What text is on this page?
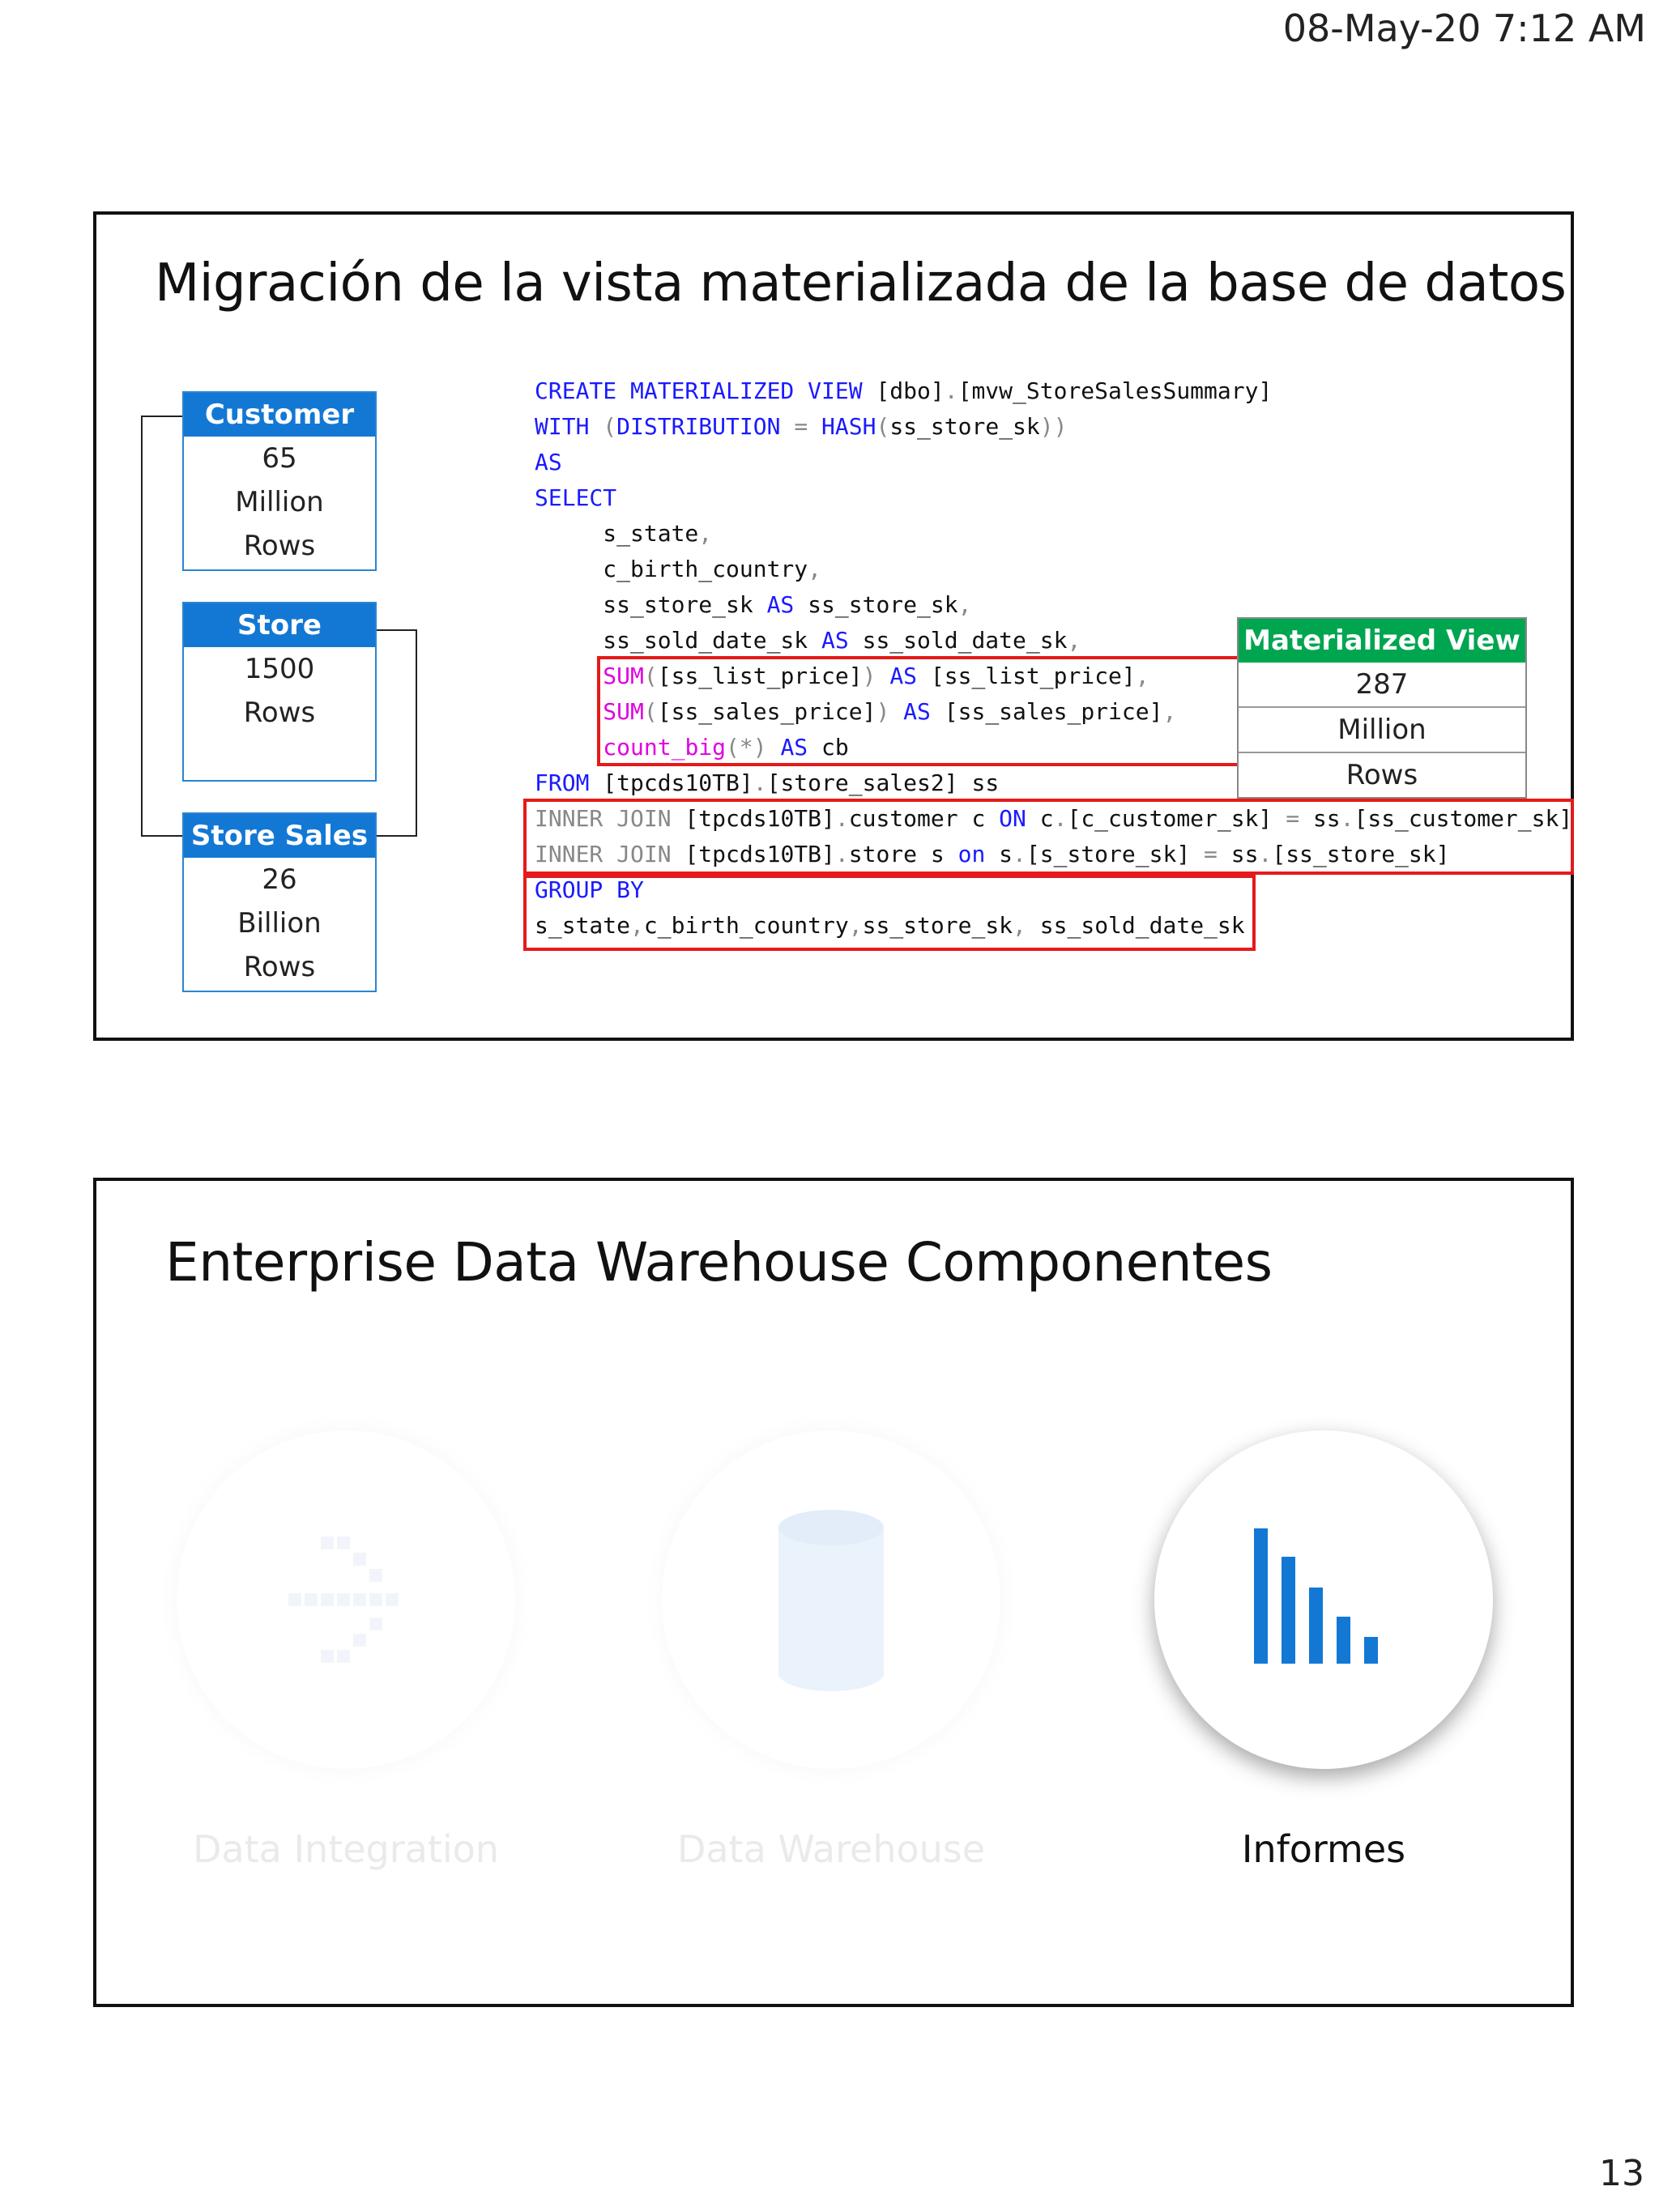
08-May-20 7:12 AM
Migración de la vista materializada de la base de datos
Customer
65
Million
Rows
Store
1500
Rows
Store Sales
26
Billion
Rows
CREATE MATERIALIZED VIEW [dbo].[mvw_StoreSalesSummary]
WITH (DISTRIBUTION = HASH(ss_store_sk))
AS
SELECT
s_state,
c_birth_country,
ss_store_sk AS ss_store_sk,
ss_sold_date_sk AS ss_sold_date_sk,
SUM([ss_list_price]) AS [ss_list_price],
SUM([ss_sales_price]) AS [ss_sales_price],
count_big(*) AS cb
FROM [tpcds10TB].[store_sales2] ss
INNER JOIN [tpcds10TB].customer c ON c.[c_customer_sk] = ss.[ss_customer_sk]
INNER JOIN [tpcds10TB].store s on s.[s_store_sk] = ss.[ss_store_sk]
GROUP BY
s_state,c_birth_country,ss_store_sk, ss_sold_date_sk
Materialized View
287
Million
Rows
Enterprise Data Warehouse Componentes
Data Integration	Data Warehouse	Informes
13
